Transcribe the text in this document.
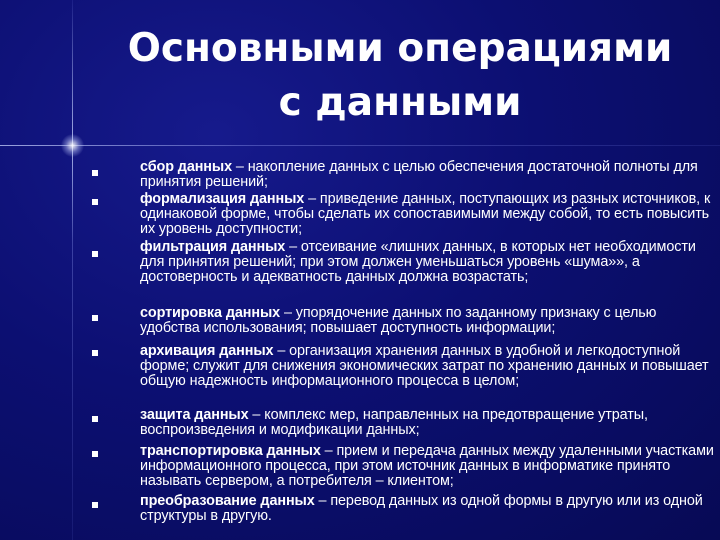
Основными операциями
с данными
сбор данных – накопление данных с целью обеспечения достаточной полноты для принятия решений;
формализация данных – приведение данных, поступающих из разных источников, к одинаковой форме, чтобы сделать их сопоставимыми между собой, то есть повысить их уровень доступности;
фильтрация данных – отсеивание «лишних данных, в которых нет необходимости для принятия решений; при этом должен уменьшаться уровень «шума»», а достоверность и адекватность данных должна возрастать;
сортировка данных – упорядочение данных по заданному признаку с целью удобства использования; повышает доступность информации;
архивация данных – организация хранения данных в удобной и легкодоступной форме; служит для снижения экономических затрат по хранению данных и повышает общую надежность информационного процесса в целом;
защита данных – комплекс мер, направленных на предотвращение утраты, воспроизведения и модификации данных;
транспортировка данных – прием и передача данных между удаленными участками информационного процесса, при этом источник данных в информатике принято называть сервером, а потребителя – клиентом;
преобразование данных – перевод данных из одной формы в другую или из одной структуры в другую.
